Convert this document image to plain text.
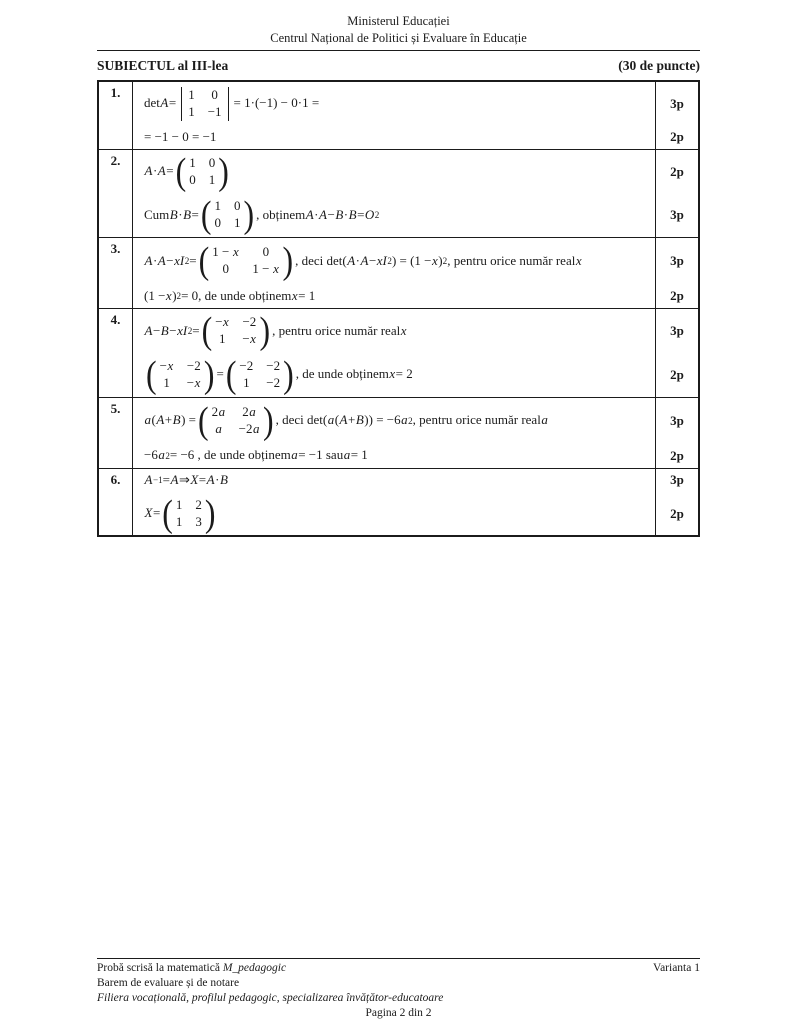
Ministerul Educației
Centrul Național de Politici și Evaluare în Educație
SUBIECTUL al III-lea	(30 de puncte)
1.
det A =
1 0
1 −1
= 1·(−1) − 0·1 =	3p
= −1 − 0 = −1	2p
2.
A · A = ( 1 0
0 1 )	2p
Cum B · B = ( 1 0
0 1 ) , obținem A · A − B · B = O 2	3p
3.
A · A − xI 2 = ( 1 − x	0
0	1 − x ) , deci det( A · A − xI 2 ) = (1 − x ) 2 , pentru orice număr real x	3p
(1 − x ) 2 = 0, de unde obținem x = 1	2p
4.
A − B − xI 2 = ( −x −2
1 −x ) , pentru orice număr real x	3p
( −x −2
1 −x ) = ( −2 −2
1 −2 ) , de unde obținem x = 2	2p
5.
a ( A + B ) = ( 2a 2a
a −2a ) , deci det( a ( A + B )) = −6 a 2 , pentru orice număr real a	3p
−6 a 2 = −6 , de unde obținem a = −1 sau a = 1	2p
6.	A −1 = A ⇒ X = A · B	3p
X = ( 1 2
1 3 )	2p
Probă scrisă la matematică M_pedagogic	Varianta 1
Barem de evaluare și de notare
Filiera vocațională, profilul pedagogic, specializarea învățător-educatoare
Pagina 2 din 2
